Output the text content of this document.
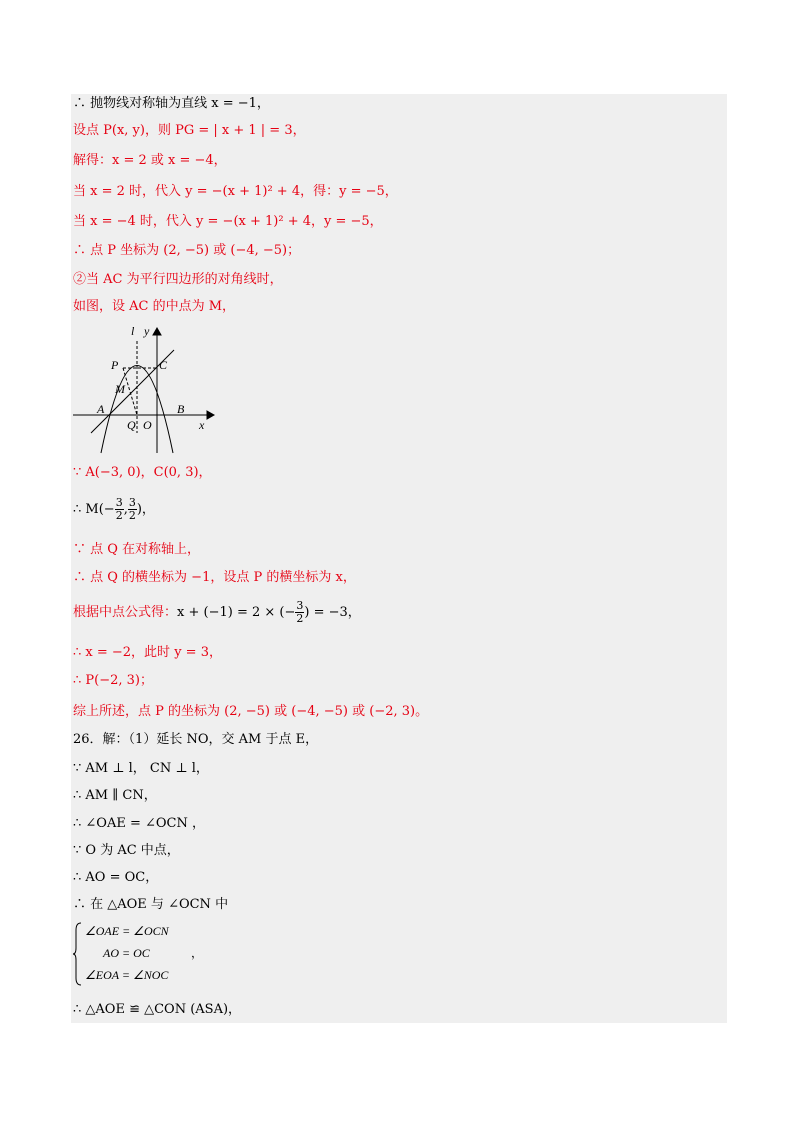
∴ 抛物线对称轴为直线 x = −1，
设点 P(x, y)，则 PG = | x + 1 | = 3，
解得：x = 2 或 x = −4，
当 x = 2 时，代入 y = −(x + 1)² + 4，得：y = −5，
当 x = −4 时，代入 y = −(x + 1)² + 4，y = −5，
∴ 点 P 坐标为 (2, −5) 或 (−4, −5)；
②当 AC 为平行四边形的对角线时，
如图，设 AC 的中点为 M，
l y
P	C
M
A	B
Q O	x
∵ A(−3, 0)，C(0, 3)，
∴ $M(- \frac{3}{2}$ , $\frac{3}{2}$ )，
∵ 点 Q 在对称轴上，
∴ 点 Q 的横坐标为 −1，设点 P 的横坐标为 x，
根据中点公式得：x + (−1) = 2 × (− $\frac{3}{2}$ ) = −3，
∴ x = −2，此时 y = 3，
∴ P(−2, 3)；
综上所述，点 P 的坐标为 (2, −5) 或 (−4, −5) 或 (−2, 3)。
26．解：（1）延长 NO，交 AM 于点 E，
∵ AM ⊥ l， CN ⊥ l，
∴ AM ∥ CN，
∴ ∠OAE = ∠OCN ，
∵ O 为 AC 中点，
∴ AO = OC，
∴ 在 △AOE 与 ∠OCN 中
∠OAE = ∠OCN
AO = OC
∠EOA = ∠NOC
，
∴ △AOE ≌ △CON (ASA)，
